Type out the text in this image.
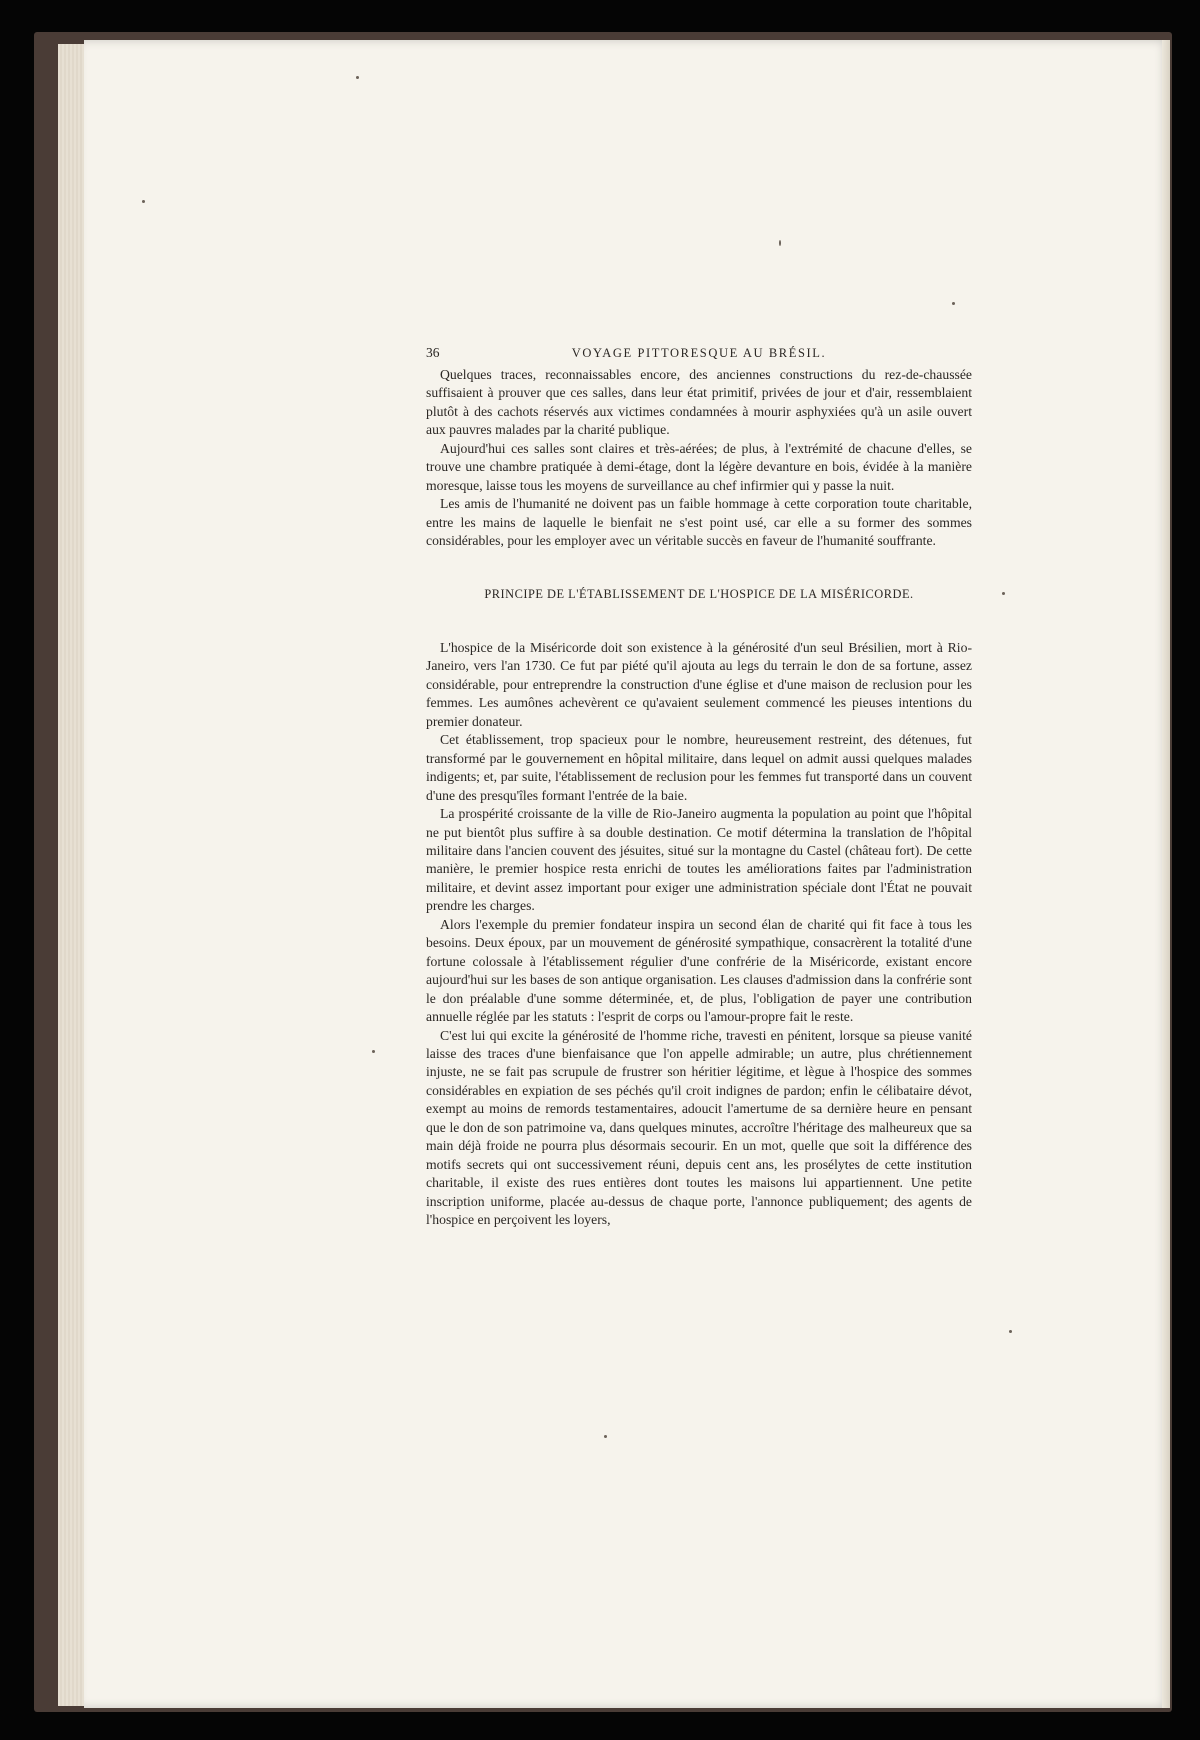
36	VOYAGE PITTORESQUE AU BRÉSIL.

Quelques traces, reconnaissables encore, des anciennes constructions du rez-de-chaussée suffisaient à prouver que ces salles, dans leur état primitif, privées de jour et d'air, ressemblaient plutôt à des cachots réservés aux victimes condamnées à mourir asphyxiées qu'à un asile ouvert aux pauvres malades par la charité publique.

Aujourd'hui ces salles sont claires et très-aérées; de plus, à l'extrémité de chacune d'elles, se trouve une chambre pratiquée à demi-étage, dont la légère devanture en bois, évidée à la manière moresque, laisse tous les moyens de surveillance au chef infirmier qui y passe la nuit.

Les amis de l'humanité ne doivent pas un faible hommage à cette corporation toute charitable, entre les mains de laquelle le bienfait ne s'est point usé, car elle a su former des sommes considérables, pour les employer avec un véritable succès en faveur de l'humanité souffrante.

PRINCIPE DE L'ÉTABLISSEMENT DE L'HOSPICE DE LA MISÉRICORDE.

L'hospice de la Miséricorde doit son existence à la générosité d'un seul Brésilien, mort à Rio-Janeiro, vers l'an 1730. Ce fut par piété qu'il ajouta au legs du terrain le don de sa fortune, assez considérable, pour entreprendre la construction d'une église et d'une maison de reclusion pour les femmes. Les aumônes achevèrent ce qu'avaient seulement commencé les pieuses intentions du premier donateur.

Cet établissement, trop spacieux pour le nombre, heureusement restreint, des détenues, fut transformé par le gouvernement en hôpital militaire, dans lequel on admit aussi quelques malades indigents; et, par suite, l'établissement de reclusion pour les femmes fut transporté dans un couvent d'une des presqu'îles formant l'entrée de la baie.

La prospérité croissante de la ville de Rio-Janeiro augmenta la population au point que l'hôpital ne put bientôt plus suffire à sa double destination. Ce motif détermina la translation de l'hôpital militaire dans l'ancien couvent des jésuites, situé sur la montagne du Castel (château fort). De cette manière, le premier hospice resta enrichi de toutes les améliorations faites par l'administration militaire, et devint assez important pour exiger une administration spéciale dont l'État ne pouvait prendre les charges.

Alors l'exemple du premier fondateur inspira un second élan de charité qui fit face à tous les besoins. Deux époux, par un mouvement de générosité sympathique, consacrèrent la totalité d'une fortune colossale à l'établissement régulier d'une confrérie de la Miséricorde, existant encore aujourd'hui sur les bases de son antique organisation. Les clauses d'admission dans la confrérie sont le don préalable d'une somme déterminée, et, de plus, l'obligation de payer une contribution annuelle réglée par les statuts : l'esprit de corps ou l'amour-propre fait le reste.

C'est lui qui excite la générosité de l'homme riche, travesti en pénitent, lorsque sa pieuse vanité laisse des traces d'une bienfaisance que l'on appelle admirable; un autre, plus chrétiennement injuste, ne se fait pas scrupule de frustrer son héritier légitime, et lègue à l'hospice des sommes considérables en expiation de ses péchés qu'il croit indignes de pardon; enfin le célibataire dévot, exempt au moins de remords testamentaires, adoucit l'amertume de sa dernière heure en pensant que le don de son patrimoine va, dans quelques minutes, accroître l'héritage des malheureux que sa main déjà froide ne pourra plus désormais secourir. En un mot, quelle que soit la différence des motifs secrets qui ont successivement réuni, depuis cent ans, les prosélytes de cette institution charitable, il existe des rues entières dont toutes les maisons lui appartiennent. Une petite inscription uniforme, placée au-dessus de chaque porte, l'annonce publiquement; des agents de l'hospice en perçoivent les loyers,
